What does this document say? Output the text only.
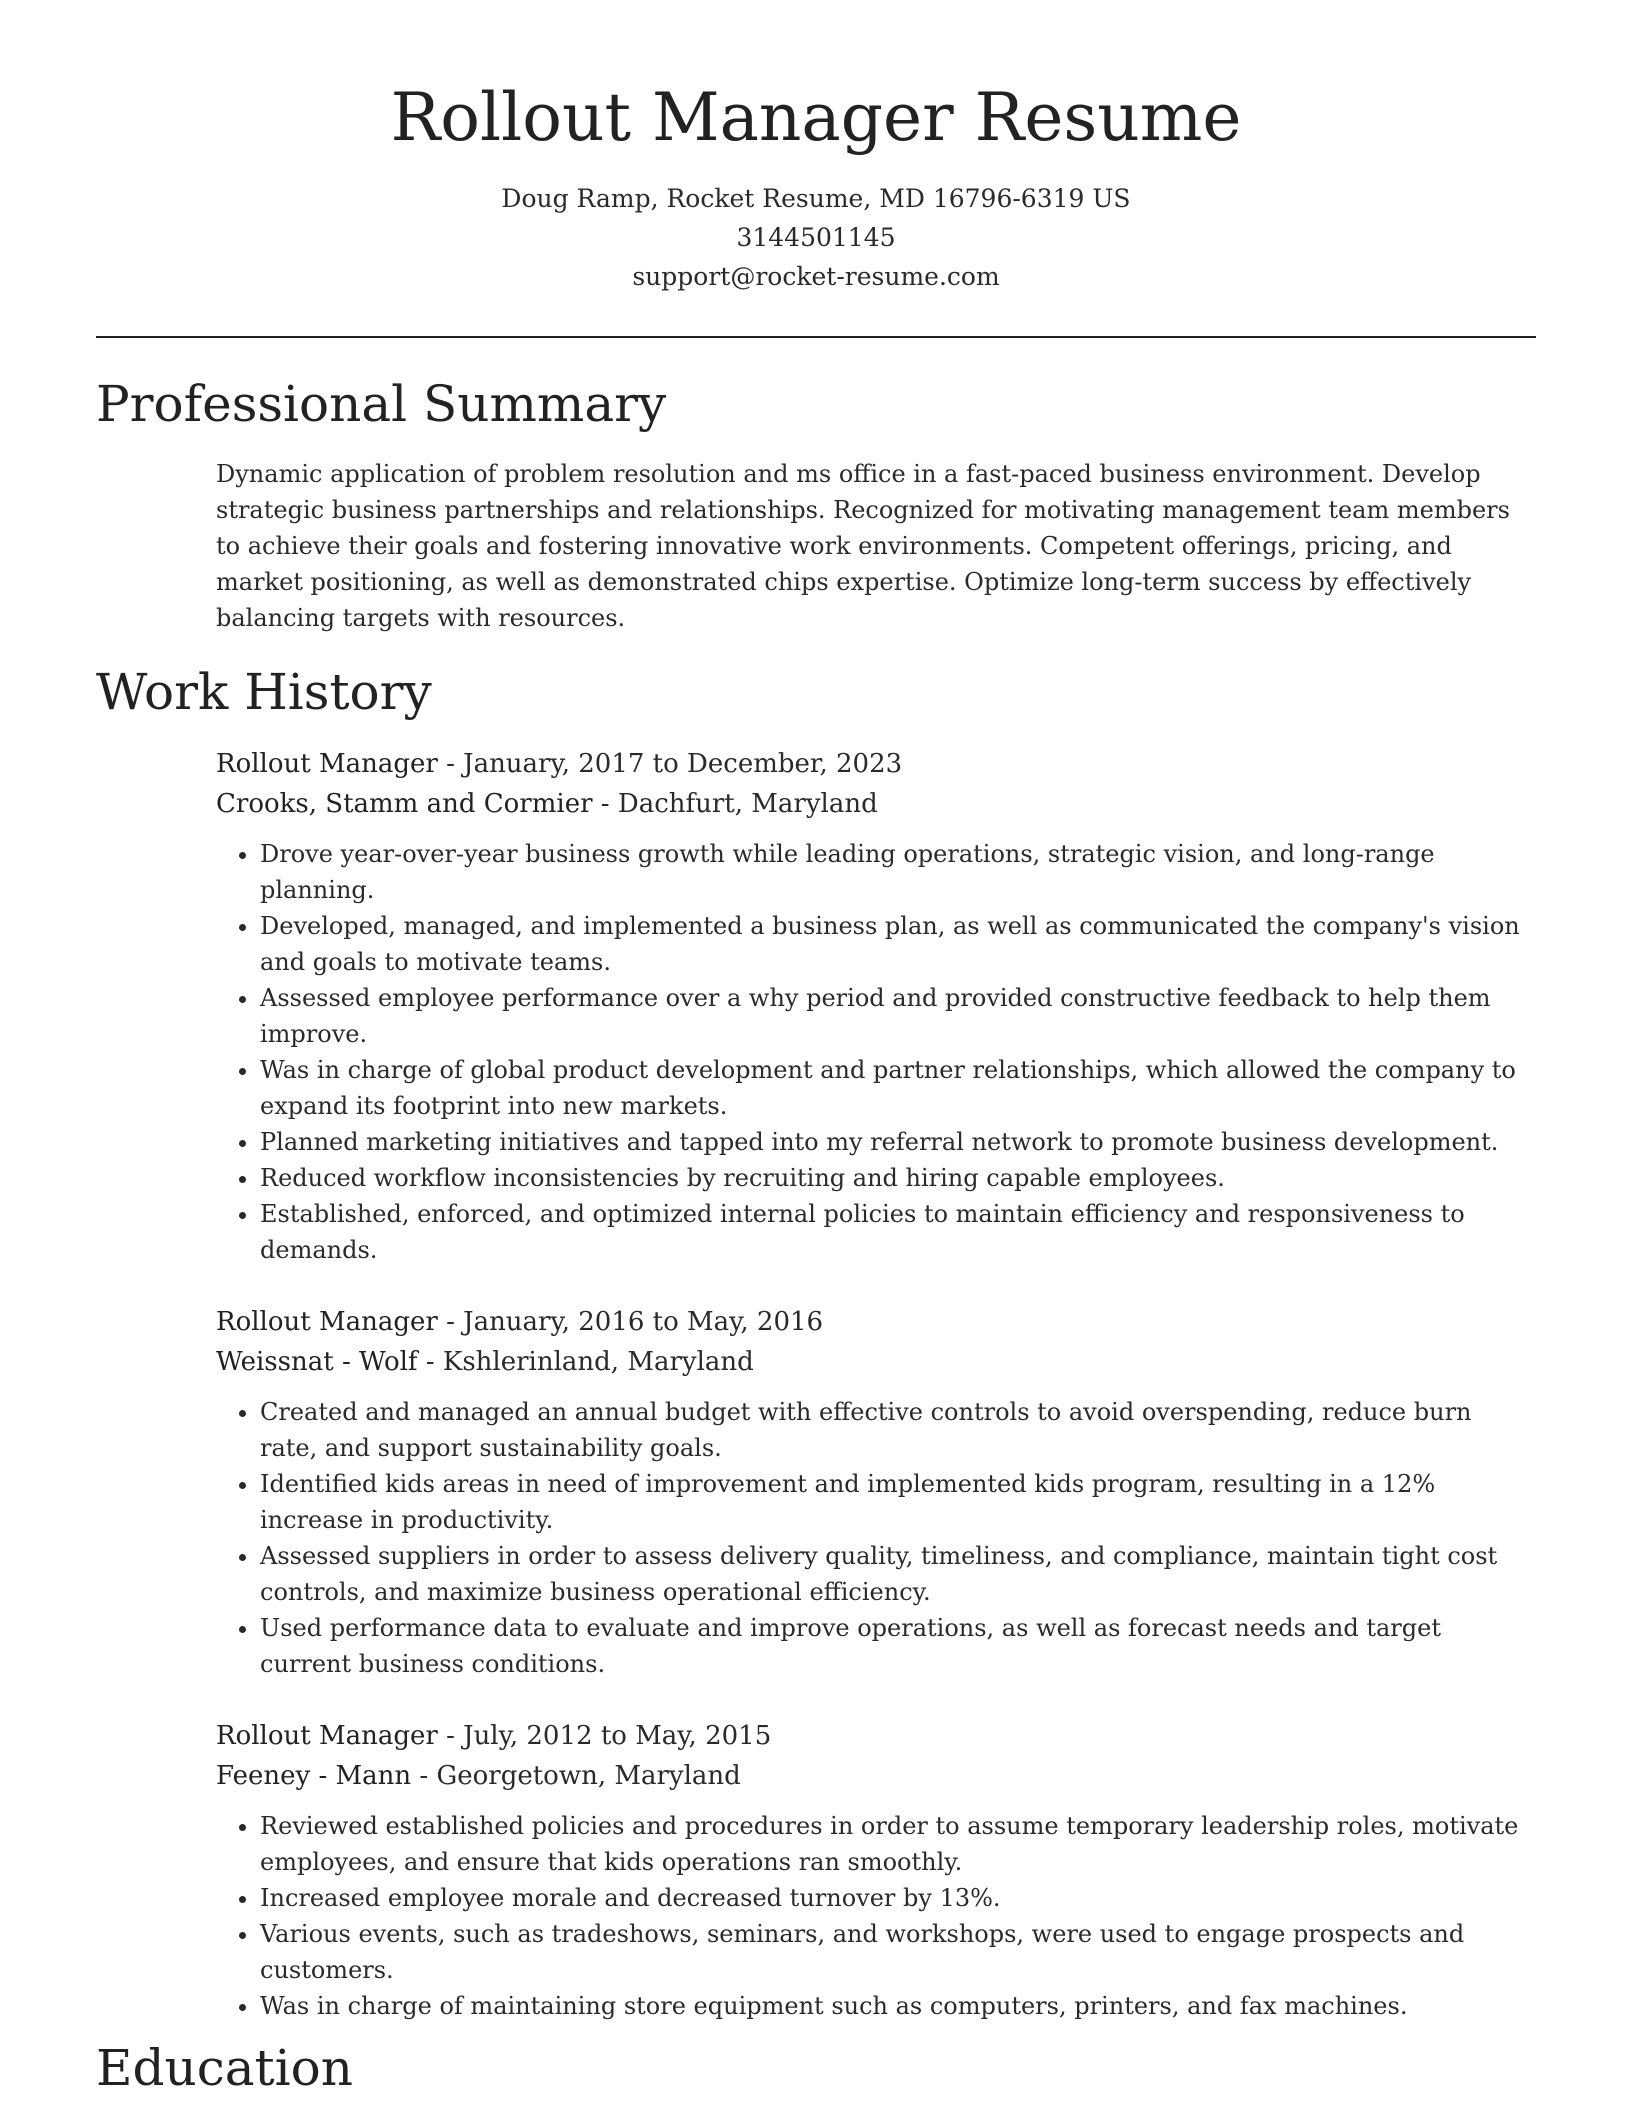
Rollout Manager Resume
Doug Ramp, Rocket Resume, MD 16796-6319 US
3144501145
support@rocket-resume.com
Professional Summary

Dynamic application of problem resolution and ms office in a fast-paced business environment. Develop strategic business partnerships and relationships. Recognized for motivating management team members to achieve their goals and fostering innovative work environments. Competent offerings, pricing, and market positioning, as well as demonstrated chips expertise. Optimize long-term success by effectively balancing targets with resources.

Work History
Rollout Manager - January, 2017 to December, 2023
Crooks, Stamm and Cormier - Dachfurt, Maryland
• Drove year-over-year business growth while leading operations, strategic vision, and long-range planning.
• Developed, managed, and implemented a business plan, as well as communicated the company's vision and goals to motivate teams.
• Assessed employee performance over a why period and provided constructive feedback to help them improve.
• Was in charge of global product development and partner relationships, which allowed the company to expand its footprint into new markets.
• Planned marketing initiatives and tapped into my referral network to promote business development.
• Reduced workflow inconsistencies by recruiting and hiring capable employees.
• Established, enforced, and optimized internal policies to maintain efficiency and responsiveness to demands.
Rollout Manager - January, 2016 to May, 2016
Weissnat - Wolf - Kshlerinland, Maryland
• Created and managed an annual budget with effective controls to avoid overspending, reduce burn rate, and support sustainability goals.
• Identified kids areas in need of improvement and implemented kids program, resulting in a 12% increase in productivity.
• Assessed suppliers in order to assess delivery quality, timeliness, and compliance, maintain tight cost controls, and maximize business operational efficiency.
• Used performance data to evaluate and improve operations, as well as forecast needs and target current business conditions.
Rollout Manager - July, 2012 to May, 2015
Feeney - Mann - Georgetown, Maryland
• Reviewed established policies and procedures in order to assume temporary leadership roles, motivate employees, and ensure that kids operations ran smoothly.
• Increased employee morale and decreased turnover by 13%.
• Various events, such as tradeshows, seminars, and workshops, were used to engage prospects and customers.
• Was in charge of maintaining store equipment such as computers, printers, and fax machines.
Education
